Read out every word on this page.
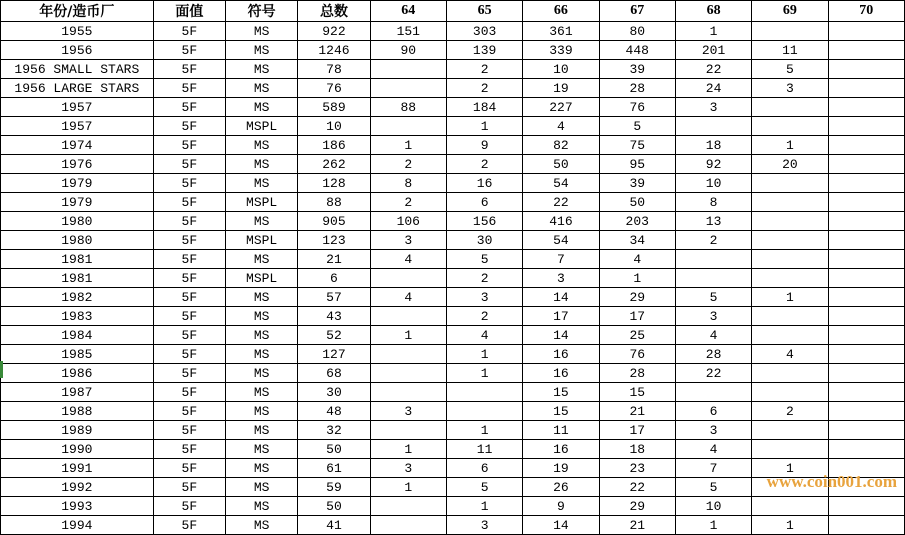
年份/造币厂	面值	符号	总数	64	65	66	67	68	69	70
1955	5F	MS	922	151	303	361	80	1		
1956	5F	MS	1246	90	139	339	448	201	11	
1956 SMALL STARS	5F	MS	78		2	10	39	22	5	
1956 LARGE STARS	5F	MS	76		2	19	28	24	3	
1957	5F	MS	589	88	184	227	76	3		
1957	5F	MSPL	10		1	4	5			
1974	5F	MS	186	1	9	82	75	18	1	
1976	5F	MS	262	2	2	50	95	92	20	
1979	5F	MS	128	8	16	54	39	10		
1979	5F	MSPL	88	2	6	22	50	8		
1980	5F	MS	905	106	156	416	203	13		
1980	5F	MSPL	123	3	30	54	34	2		
1981	5F	MS	21	4	5	7	4			
1981	5F	MSPL	6		2	3	1			
1982	5F	MS	57	4	3	14	29	5	1	
1983	5F	MS	43		2	17	17	3		
1984	5F	MS	52	1	4	14	25	4		
1985	5F	MS	127		1	16	76	28	4	
1986	5F	MS	68		1	16	28	22		
1987	5F	MS	30			15	15			
1988	5F	MS	48	3		15	21	6	2	
1989	5F	MS	32		1	11	17	3		
1990	5F	MS	50	1	11	16	18	4		
1991	5F	MS	61	3	6	19	23	7	1	
1992	5F	MS	59	1	5	26	22	5		
1993	5F	MS	50		1	9	29	10		
1994	5F	MS	41		3	14	21	1	1	
www.coin001.com
